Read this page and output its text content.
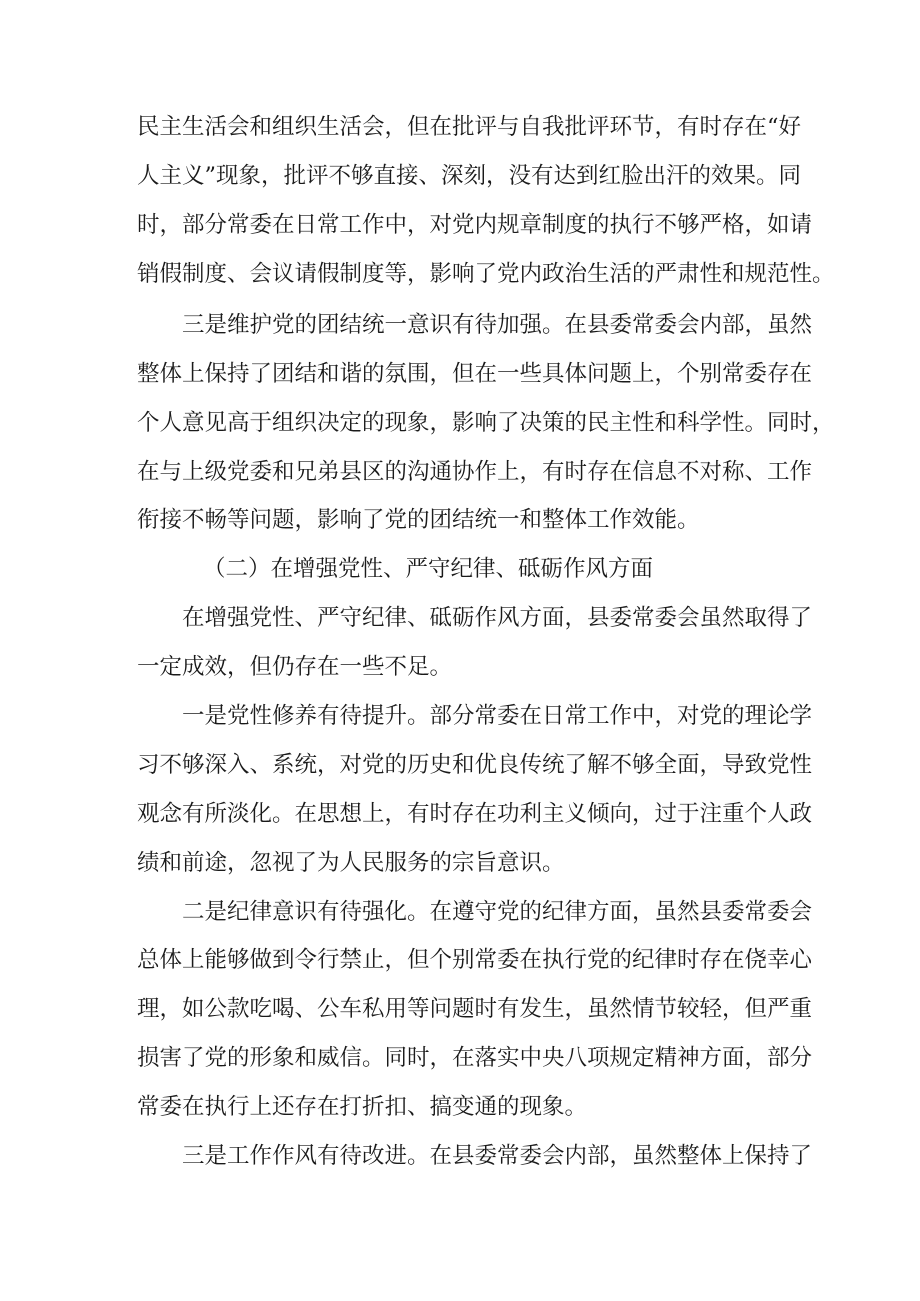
民主生活会和组织生活会，但在批评与自我批评环节，有时存在“好
人主义”现象，批评不够直接、深刻，没有达到红脸出汗的效果。同
时，部分常委在日常工作中，对党内规章制度的执行不够严格，如请
销假制度、会议请假制度等，影响了党内政治生活的严肃性和规范性。
三是维护党的团结统一意识有待加强。在县委常委会内部，虽然
整体上保持了团结和谐的氛围，但在一些具体问题上，个别常委存在
个人意见高于组织决定的现象，影响了决策的民主性和科学性。同时，
在与上级党委和兄弟县区的沟通协作上，有时存在信息不对称、工作
衔接不畅等问题，影响了党的团结统一和整体工作效能。
（二）在增强党性、严守纪律、砥砺作风方面
在增强党性、严守纪律、砥砺作风方面，县委常委会虽然取得了
一定成效，但仍存在一些不足。
一是党性修养有待提升。部分常委在日常工作中，对党的理论学
习不够深入、系统，对党的历史和优良传统了解不够全面，导致党性
观念有所淡化。在思想上，有时存在功利主义倾向，过于注重个人政
绩和前途，忽视了为人民服务的宗旨意识。
二是纪律意识有待强化。在遵守党的纪律方面，虽然县委常委会
总体上能够做到令行禁止，但个别常委在执行党的纪律时存在侥幸心
理，如公款吃喝、公车私用等问题时有发生，虽然情节较轻，但严重
损害了党的形象和威信。同时，在落实中央八项规定精神方面，部分
常委在执行上还存在打折扣、搞变通的现象。
三是工作作风有待改进。在县委常委会内部，虽然整体上保持了
